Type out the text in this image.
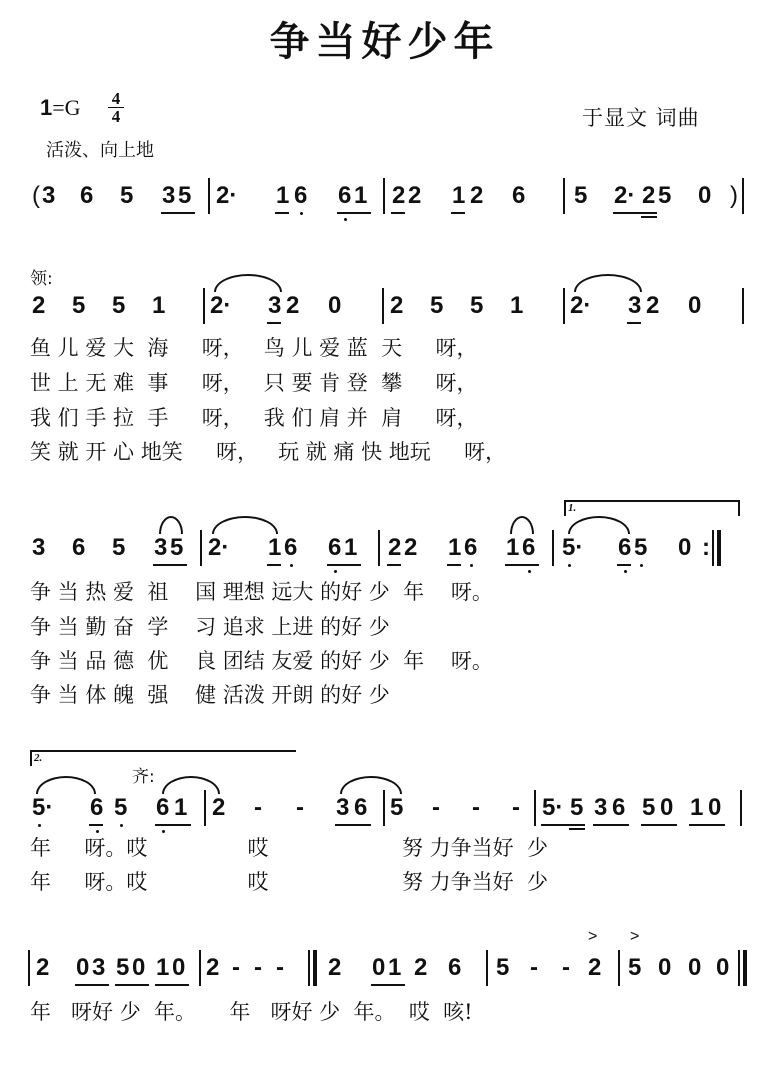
争当好少年
1=G 4
4
活泼、向上地
于显文 词曲
( 3 6 5 3 5 2· 1 6 6 1 2 2 1 2 6 5 2· 2 5 0 )
领:
2 5 5 1 2· 3 2 0 2 5 5 1 2· 3 2 0
鱼 儿 爱 大  海     呀，   鸟 儿 爱 蓝  天     呀，
世 上 无 难  事     呀，   只 要 肯 登  攀     呀，
我 们 手 拉  手     呀，   我 们 肩 并  肩     呀，
笑 就 开 心 地笑     呀，   玩 就 痛 快 地玩     呀，
1.
3 6 5 3 5 2· 1 6 6 1 2 2 1 6 1 6 5· 6 5 0 :
争 当 热 爱  祖    国 理想 远大 的好 少  年    呀。
争 当 勤 奋  学    习 追求 上进 的好 少
争 当 品 德  优    良 团结 友爱 的好 少  年    呀。
争 当 体 魄  强    健 活泼 开朗 的好 少
2.
齐:
5· 6 5 6 1 2 - - 3 6 5 - - - 5· 5 3 6 5 0 1 0
年     呀。哎               哎                    努 力争当好  少
年     呀。哎               哎                    努 力争当好  少
2 0 3 5 0 1 0 2 - - - 2 0 1 2 6 5 - -
>
2
>
5 0 0 0
年   呀好 少  年。     年   呀好 少  年。  哎  咳!
